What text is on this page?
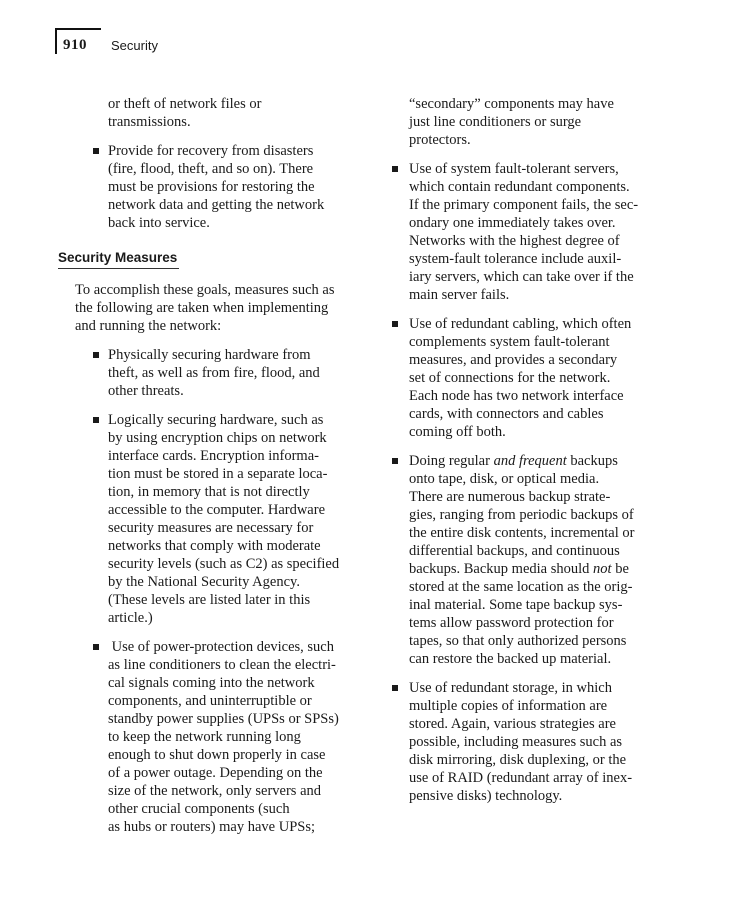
910 Security

or theft of network files or
transmissions.

Provide for recovery from disasters
(fire, flood, theft, and so on). There
must be provisions for restoring the
network data and getting the network
back into service.
Security Measures

To accomplish these goals, measures such as
the following are taken when implementing
and running the network:

Physically securing hardware from
theft, as well as from fire, flood, and
other threats.
Logically securing hardware, such as
by using encryption chips on network
interface cards. Encryption informa-
tion must be stored in a separate loca-
tion, in memory that is not directly
accessible to the computer. Hardware
security measures are necessary for
networks that comply with moderate
security levels (such as C2) as specified
by the National Security Agency.
(These levels are listed later in this
article.)
Use of power-protection devices, such
as line conditioners to clean the electri-
cal signals coming into the network
components, and uninterruptible or
standby power supplies (UPSs or SPSs)
to keep the network running long
enough to shut down properly in case
of a power outage. Depending on the
size of the network, only servers and
other crucial components (such
as hubs or routers) may have UPSs;

“secondary” components may have
just line conditioners or surge
protectors.

Use of system fault-tolerant servers,
which contain redundant components.
If the primary component fails, the sec-
ondary one immediately takes over.
Networks with the highest degree of
system-fault tolerance include auxil-
iary servers, which can take over if the
main server fails.
Use of redundant cabling, which often
complements system fault-tolerant
measures, and provides a secondary
set of connections for the network.
Each node has two network interface
cards, with connectors and cables
coming off both.
Doing regular and frequent backups
onto tape, disk, or optical media.
There are numerous backup strate-
gies, ranging from periodic backups of
the entire disk contents, incremental or
differential backups, and continuous
backups. Backup media should not be
stored at the same location as the orig-
inal material. Some tape backup sys-
tems allow password protection for
tapes, so that only authorized persons
can restore the backed up material.
Use of redundant storage, in which
multiple copies of information are
stored. Again, various strategies are
possible, including measures such as
disk mirroring, disk duplexing, or the
use of RAID (redundant array of inex-
pensive disks) technology.
